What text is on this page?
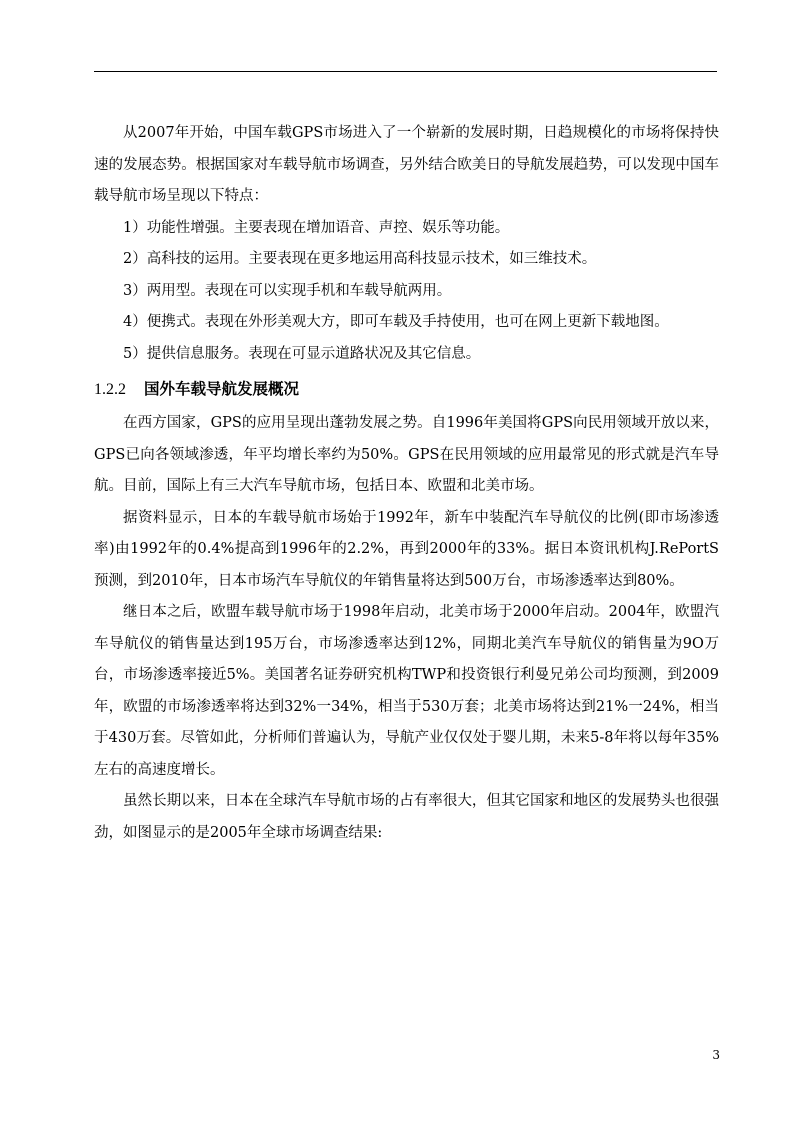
从2007年开始，中国车载GPS市场进入了一个崭新的发展时期，日趋规模化的市场将保持快速的发展态势。根据国家对车载导航市场调查，另外结合欧美日的导航发展趋势，可以发现中国车载导航市场呈现以下特点：

1）功能性增强。主要表现在增加语音、声控、娱乐等功能。

2）高科技的运用。主要表现在更多地运用高科技显示技术，如三维技术。

3）两用型。表现在可以实现手机和车载导航两用。

4）便携式。表现在外形美观大方，即可车载及手持使用，也可在网上更新下载地图。

5）提供信息服务。表现在可显示道路状况及其它信息。

1.2.2 国外车载导航发展概况

在西方国家，GPS的应用呈现出蓬勃发展之势。自1996年美国将GPS向民用领域开放以来，GPS已向各领域渗透，年平均增长率约为50%。GPS在民用领域的应用最常见的形式就是汽车导航。目前，国际上有三大汽车导航市场，包括日本、欧盟和北美市场。

据资料显示，日本的车载导航市场始于1992年，新车中装配汽车导航仪的比例(即市场渗透率)由1992年的0.4%提高到1996年的2.2%，再到2000年的33%。据日本资讯机构J.RePortS预测，到2010年，日本市场汽车导航仪的年销售量将达到500万台，市场渗透率达到80%。

继日本之后，欧盟车载导航市场于1998年启动，北美市场于2000年启动。2004年，欧盟汽车导航仪的销售量达到195万台，市场渗透率达到12%，同期北美汽车导航仪的销售量为9O万台，市场渗透率接近5%。美国著名证券研究机构TWP和投资银行利曼兄弟公司均预测，到2009年，欧盟的市场渗透率将达到32%一34%，相当于530万套；北美市场将达到21%一24%，相当于430万套。尽管如此，分析师们普遍认为，导航产业仅仅处于婴儿期，未来5-8年将以每年35%左右的高速度增长。

虽然长期以来，日本在全球汽车导航市场的占有率很大，但其它国家和地区的发展势头也很强劲，如图显示的是2005年全球市场调查结果:

3
